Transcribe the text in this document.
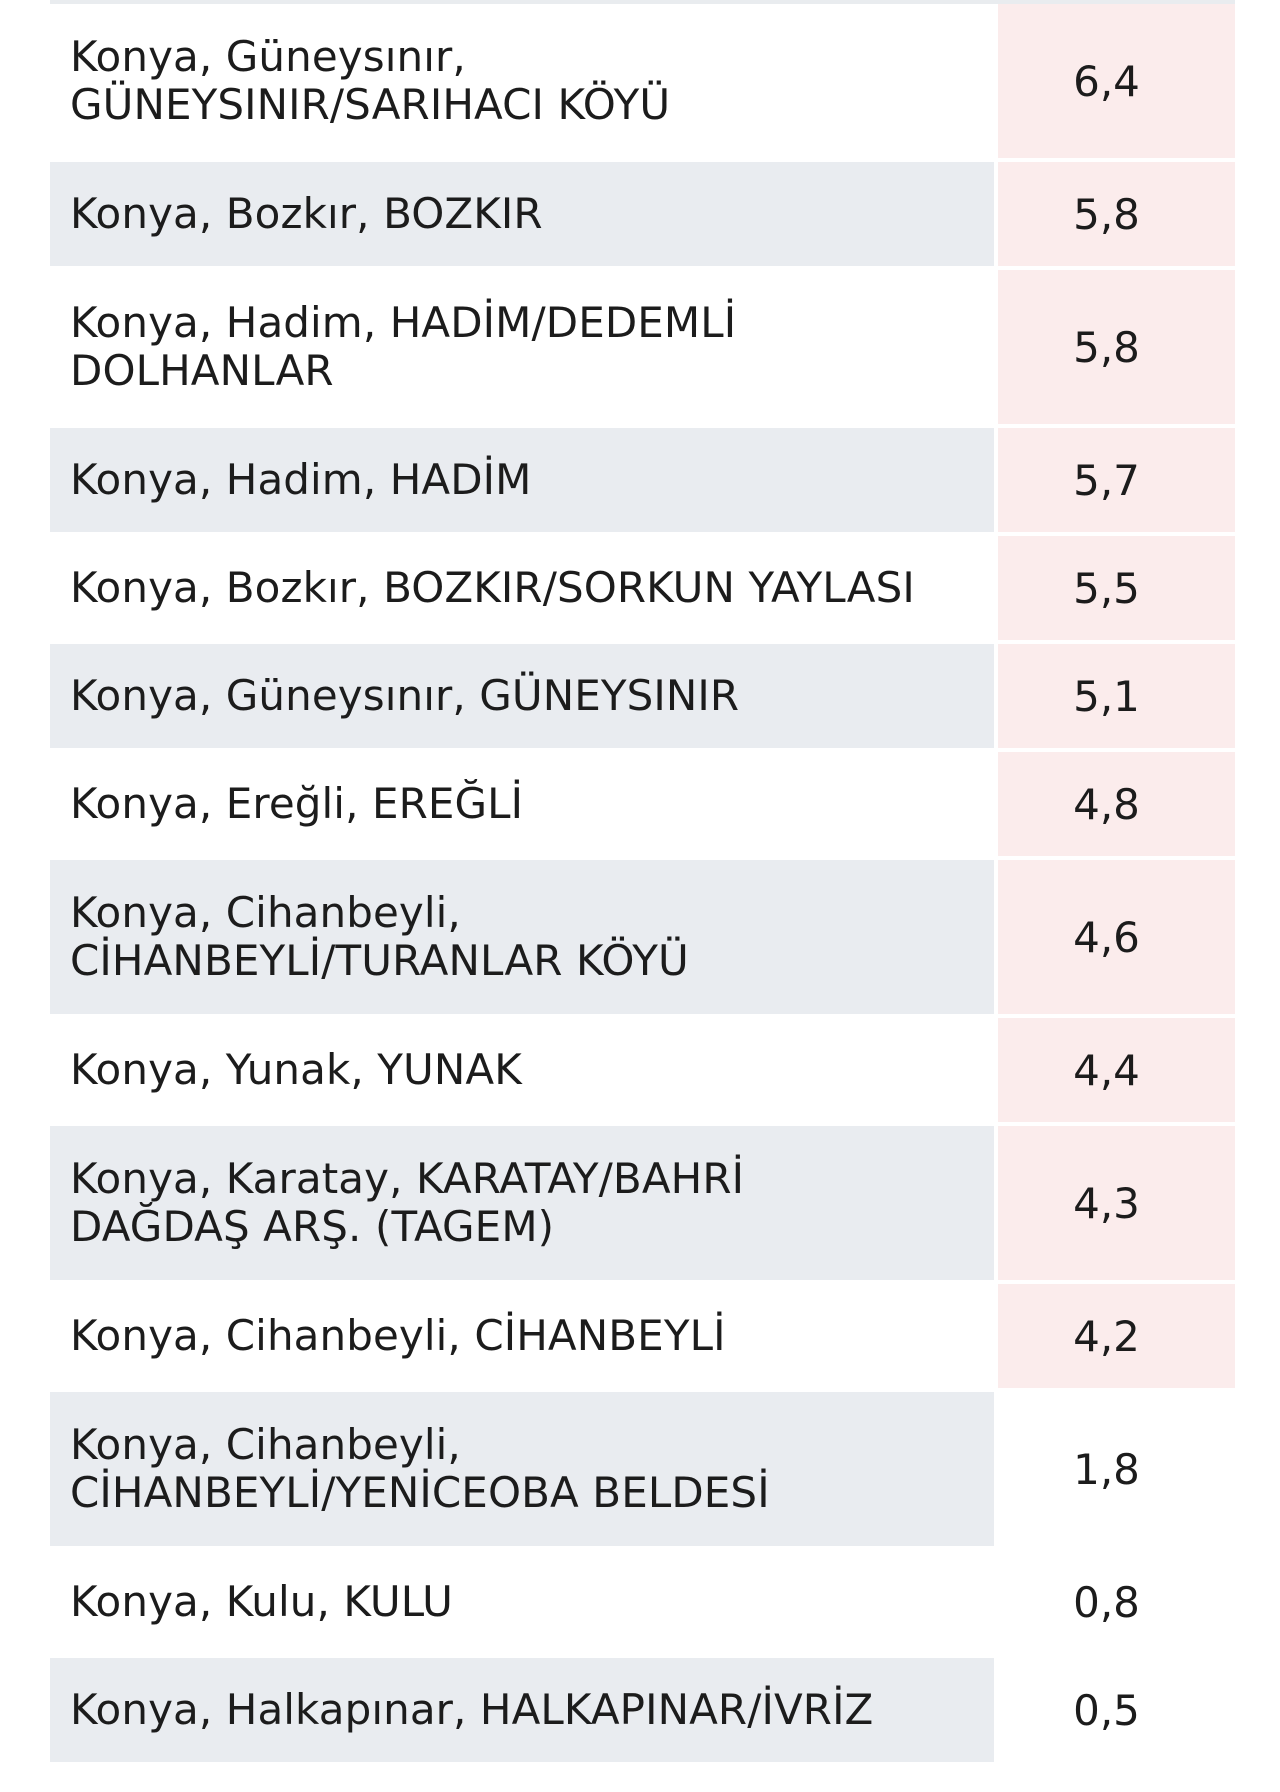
Konya, Güneysınır,
GÜNEYSINIR/SARIHACI KÖYÜ	6,4
Konya, Bozkır, BOZKIR	5,8
Konya, Hadim, HADİM/DEDEMLİ
DOLHANLAR	5,8
Konya, Hadim, HADİM	5,7
Konya, Bozkır, BOZKIR/SORKUN YAYLASI	5,5
Konya, Güneysınır, GÜNEYSINIR	5,1
Konya, Ereğli, EREĞLİ	4,8
Konya, Cihanbeyli,
CİHANBEYLİ/TURANLAR KÖYÜ	4,6
Konya, Yunak, YUNAK	4,4
Konya, Karatay, KARATAY/BAHRİ
DAĞDAŞ ARŞ. (TAGEM)	4,3
Konya, Cihanbeyli, CİHANBEYLİ	4,2
Konya, Cihanbeyli,
CİHANBEYLİ/YENİCEOBA BELDESİ	1,8
Konya, Kulu, KULU	0,8
Konya, Halkapınar, HALKAPINAR/İVRİZ	0,5
